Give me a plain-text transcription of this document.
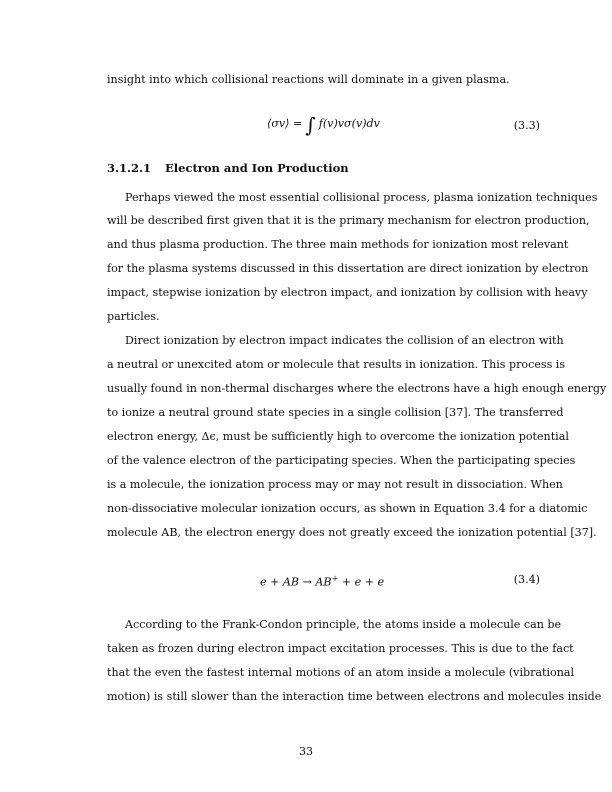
insight into which collisional reactions will dominate in a given plasma.
⟨σv⟩ = ∫ f(v)vσ(v)dv	(3.3)
3.1.2.1 Electron and Ion Production
Perhaps viewed the most essential collisional process, plasma ionization techniques
will be described first given that it is the primary mechanism for electron production,
and thus plasma production. The three main methods for ionization most relevant
for the plasma systems discussed in this dissertation are direct ionization by electron
impact, stepwise ionization by electron impact, and ionization by collision with heavy
particles.
Direct ionization by electron impact indicates the collision of an electron with
a neutral or unexcited atom or molecule that results in ionization. This process is
usually found in non-thermal discharges where the electrons have a high enough energy
to ionize a neutral ground state species in a single collision [37]. The transferred
electron energy, Δϵ, must be sufficiently high to overcome the ionization potential
of the valence electron of the participating species. When the participating species
is a molecule, the ionization process may or may not result in dissociation. When
non-dissociative molecular ionization occurs, as shown in Equation 3.4 for a diatomic
molecule AB, the electron energy does not greatly exceed the ionization potential [37].
e + AB → AB+ + e + e	(3.4)
According to the Frank-Condon principle, the atoms inside a molecule can be
taken as frozen during electron impact excitation processes. This is due to the fact
that the even the fastest internal motions of an atom inside a molecule (vibrational
motion) is still slower than the interaction time between electrons and molecules inside
33
